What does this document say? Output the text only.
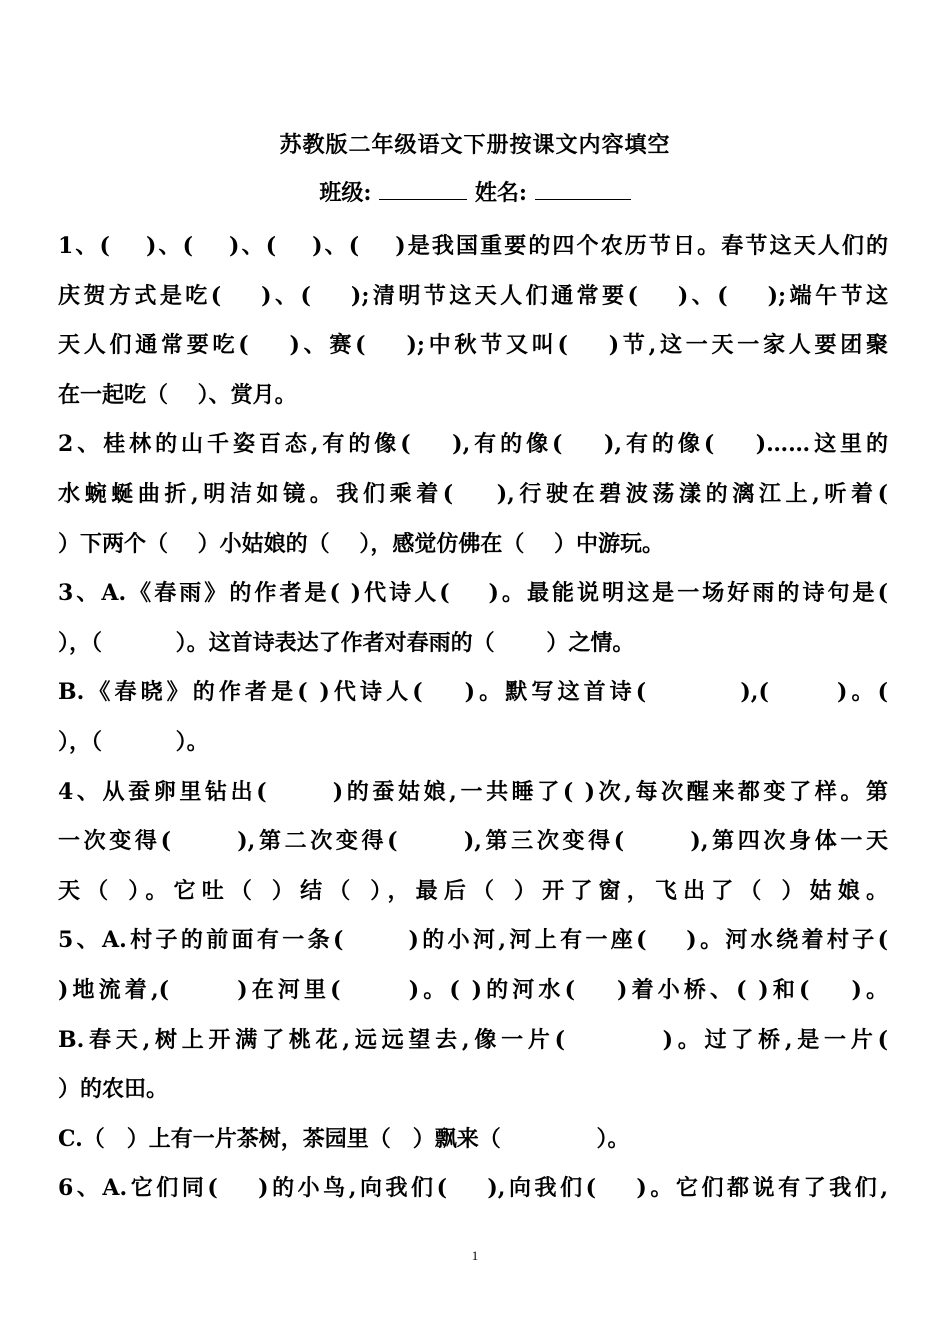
苏教版二年级语文下册按课文内容填空
班级:	姓名:
1、(　 )、(　 )、(　 )、(　 )是我国重要的四个农历节日。春节这天人们的
庆贺方式是吃(　 )、(　 );清明节这天人们通常要(　 )、(　 );端午节这
天人们通常要吃(　 )、赛(　 );中秋节又叫(　 )节,这一天一家人要团聚
在一起吃（　 ）、赏月。
2、桂林的山千姿百态,有的像(　 ),有的像(　 ),有的像(　 )……这里的
水蜿蜒曲折,明洁如镜。我们乘着(　 ),行驶在碧波荡漾的漓江上,听着(
）下两个（　 ）小姑娘的（　 ），感觉仿佛在（　 ）中游玩。
3、A.《春雨》的作者是( )代诗人(　 )。最能说明这是一场好雨的诗句是(
），（　　　 ）。这首诗表达了作者对春雨的（　　 ）之情。
B.《春晓》的作者是( )代诗人(　 )。默写这首诗(　　　 ),(　　 )。(
），（　　　 ）。
4、从蚕卵里钻出(　　 )的蚕姑娘,一共睡了( )次,每次醒来都变了样。第
一次变得(　　 ),第二次变得(　　 ),第三次变得(　　 ),第四次身体一天
天（ ）。它吐（ ）结（ ），最后（ ）开了窗，飞出了（ ）姑娘。
5、A.村子的前面有一条(　　 )的小河,河上有一座(　 )。河水绕着村子(
)地流着,(　　 )在河里(　　 )。( )的河水(　 )着小桥、( )和(　 )。
B.春天,树上开满了桃花,远远望去,像一片(　　　 )。过了桥,是一片(
）的农田。
C.（　）上有一片茶树，茶园里（　）飘来（　　　　 ）。
6、A.它们同(　 )的小鸟,向我们(　 ),向我们(　 )。它们都说有了我们,
1
